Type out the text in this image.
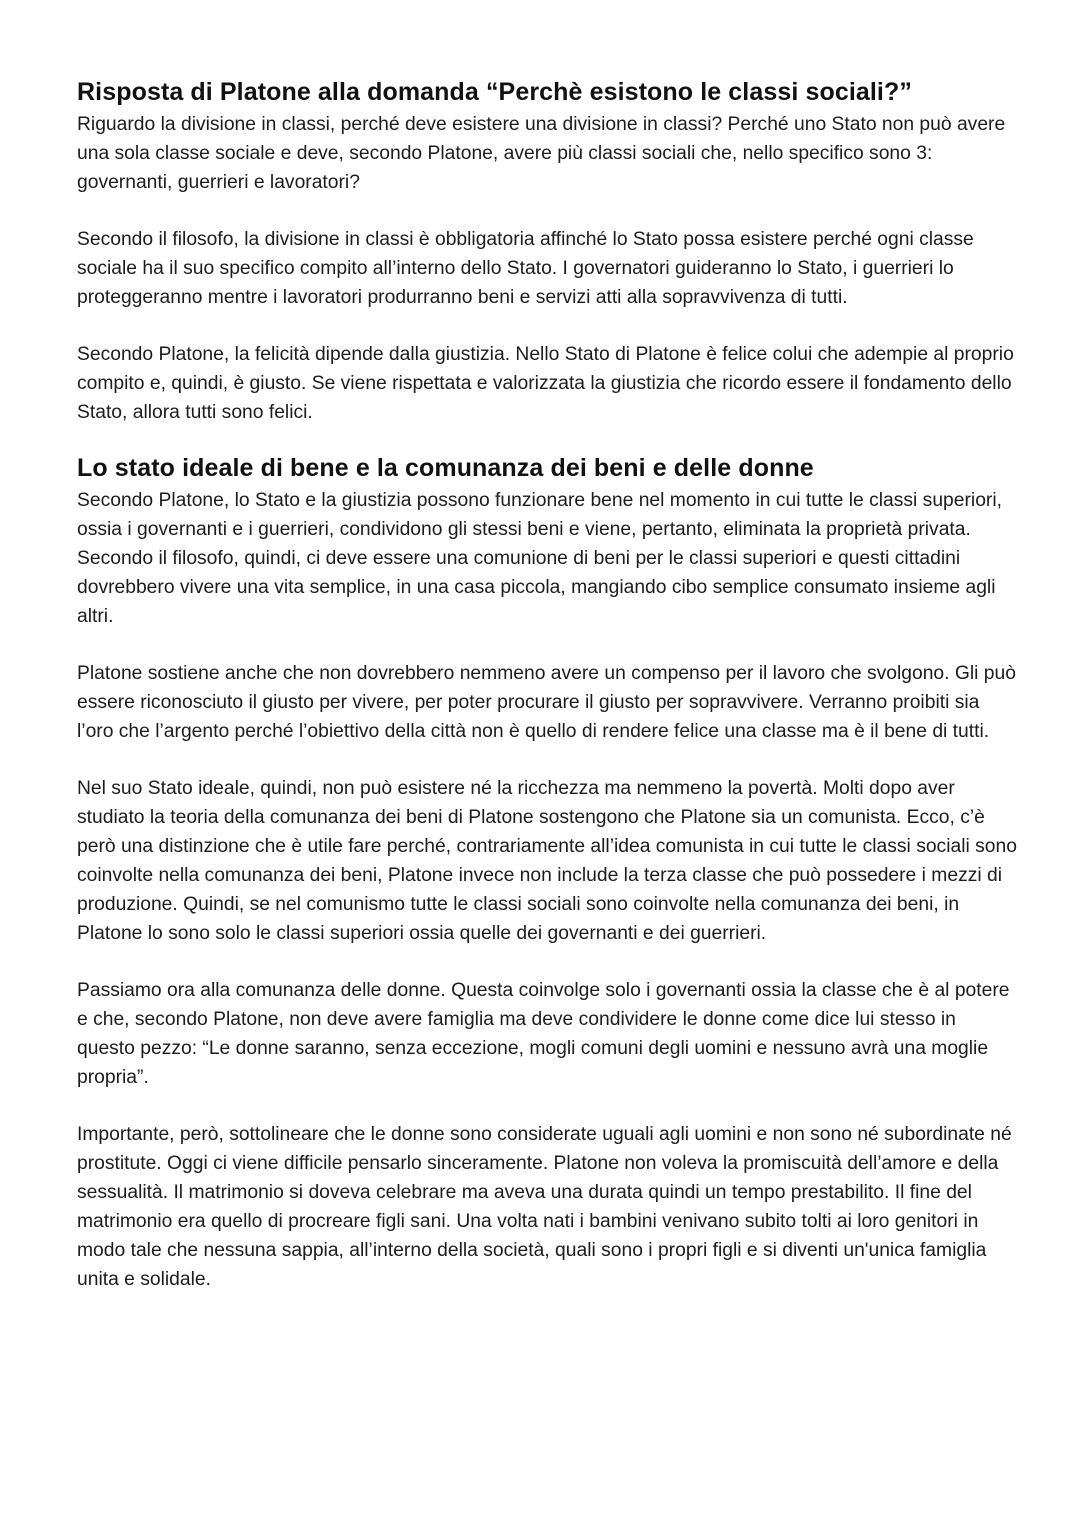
Risposta di Platone alla domanda “Perchè esistono le classi sociali?”

Riguardo la divisione in classi, perché deve esistere una divisione in classi? Perché uno Stato non può avere una sola classe sociale e deve, secondo Platone, avere più classi sociali che, nello specifico sono 3: governanti, guerrieri e lavoratori?

Secondo il filosofo, la divisione in classi è obbligatoria affinché lo Stato possa esistere perché ogni classe sociale ha il suo specifico compito all’interno dello Stato. I governatori guideranno lo Stato, i guerrieri lo proteggeranno mentre i lavoratori produrranno beni e servizi atti alla sopravvivenza di tutti.

Secondo Platone, la felicità dipende dalla giustizia. Nello Stato di Platone è felice colui che adempie al proprio compito e, quindi, è giusto. Se viene rispettata e valorizzata la giustizia che ricordo essere il fondamento dello Stato, allora tutti sono felici.

Lo stato ideale di bene e la comunanza dei beni e delle donne

Secondo Platone, lo Stato e la giustizia possono funzionare bene nel momento in cui tutte le classi superiori, ossia i governanti e i guerrieri, condividono gli stessi beni e viene, pertanto, eliminata la proprietà privata. Secondo il filosofo, quindi, ci deve essere una comunione di beni per le classi superiori e questi cittadini dovrebbero vivere una vita semplice, in una casa piccola, mangiando cibo semplice consumato insieme agli altri.

Platone sostiene anche che non dovrebbero nemmeno avere un compenso per il lavoro che svolgono. Gli può essere riconosciuto il giusto per vivere, per poter procurare il giusto per sopravvivere. Verranno proibiti sia l’oro che l’argento perché l’obiettivo della città non è quello di rendere felice una classe ma è il bene di tutti.

Nel suo Stato ideale, quindi, non può esistere né la ricchezza ma nemmeno la povertà. Molti dopo aver studiato la teoria della comunanza dei beni di Platone sostengono che Platone sia un comunista. Ecco, c’è però una distinzione che è utile fare perché, contrariamente all’idea comunista in cui tutte le classi sociali sono coinvolte nella comunanza dei beni, Platone invece non include la terza classe che può possedere i mezzi di produzione. Quindi, se nel comunismo tutte le classi sociali sono coinvolte nella comunanza dei beni, in Platone lo sono solo le classi superiori ossia quelle dei governanti e dei guerrieri.

Passiamo ora alla comunanza delle donne. Questa coinvolge solo i governanti ossia la classe che è al potere e che, secondo Platone, non deve avere famiglia ma deve condividere le donne come dice lui stesso in questo pezzo: “Le donne saranno, senza eccezione, mogli comuni degli uomini e nessuno avrà una moglie propria”.

Importante, però, sottolineare che le donne sono considerate uguali agli uomini e non sono né subordinate né prostitute. Oggi ci viene difficile pensarlo sinceramente. Platone non voleva la promiscuità dell’amore e della sessualità. Il matrimonio si doveva celebrare ma aveva una durata quindi un tempo prestabilito. Il fine del matrimonio era quello di procreare figli sani. Una volta nati i bambini venivano subito tolti ai loro genitori in modo tale che nessuna sappia, all’interno della società, quali sono i propri figli e si diventi un'unica famiglia unita e solidale.
